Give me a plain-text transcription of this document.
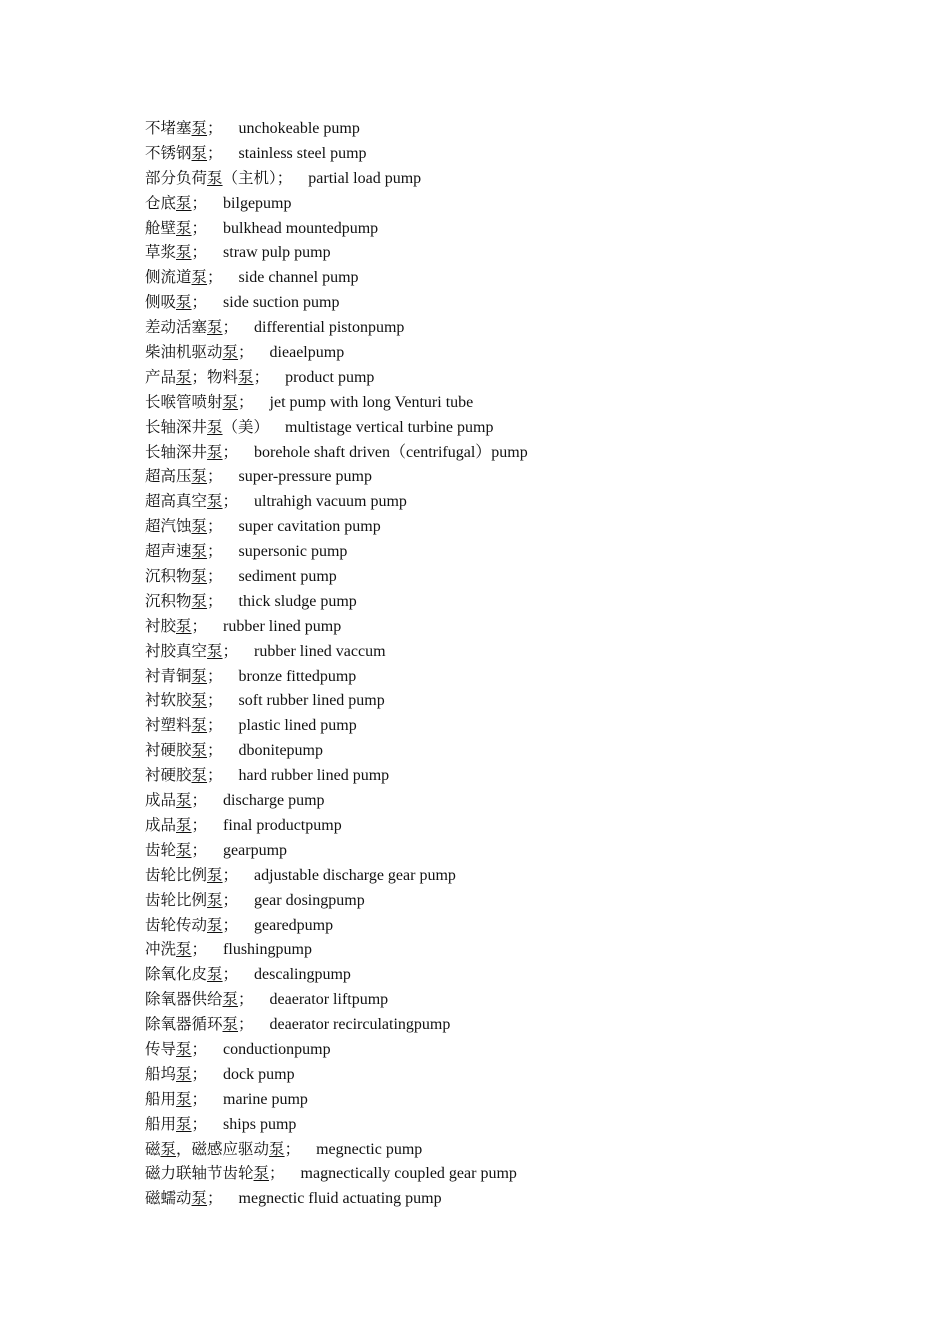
不堵塞泵； unchokeable pump
不锈钢泵； stainless steel pump
部分负荷泵（主机）； partial load pump
仓底泵； bilgepump
舱壁泵； bulkhead mountedpump
草浆泵； straw pulp pump
侧流道泵； side channel pump
侧吸泵； side suction pump
差动活塞泵； differential pistonpump
柴油机驱动泵； dieaelpump
产品泵；物料泵； product pump
长喉管喷射泵； jet pump with long Venturi tube
长轴深井泵（美） multistage vertical turbine pump
长轴深井泵； borehole shaft driven（centrifugal）pump
超高压泵； super-pressure pump
超高真空泵； ultrahigh vacuum pump
超汽蚀泵； super cavitation pump
超声速泵； supersonic pump
沉积物泵； sediment pump
沉积物泵； thick sludge pump
衬胶泵； rubber lined pump
衬胶真空泵； rubber lined vaccum
衬青铜泵； bronze fittedpump
衬软胶泵； soft rubber lined pump
衬塑料泵； plastic lined pump
衬硬胶泵； dbonitepump
衬硬胶泵； hard rubber lined pump
成品泵； discharge pump
成品泵； final productpump
齿轮泵； gearpump
齿轮比例泵； adjustable discharge gear pump
齿轮比例泵； gear dosingpump
齿轮传动泵； gearedpump
冲洗泵； flushingpump
除氧化皮泵； descalingpump
除氧器供给泵； deaerator liftpump
除氧器循环泵； deaerator recirculatingpump
传导泵； conductionpump
船坞泵； dock pump
船用泵； marine pump
船用泵； ships pump
磁泵，磁感应驱动泵； megnectic pump
磁力联轴节齿轮泵； magnectically coupled gear pump
磁蠕动泵； megnectic fluid actuating pump
